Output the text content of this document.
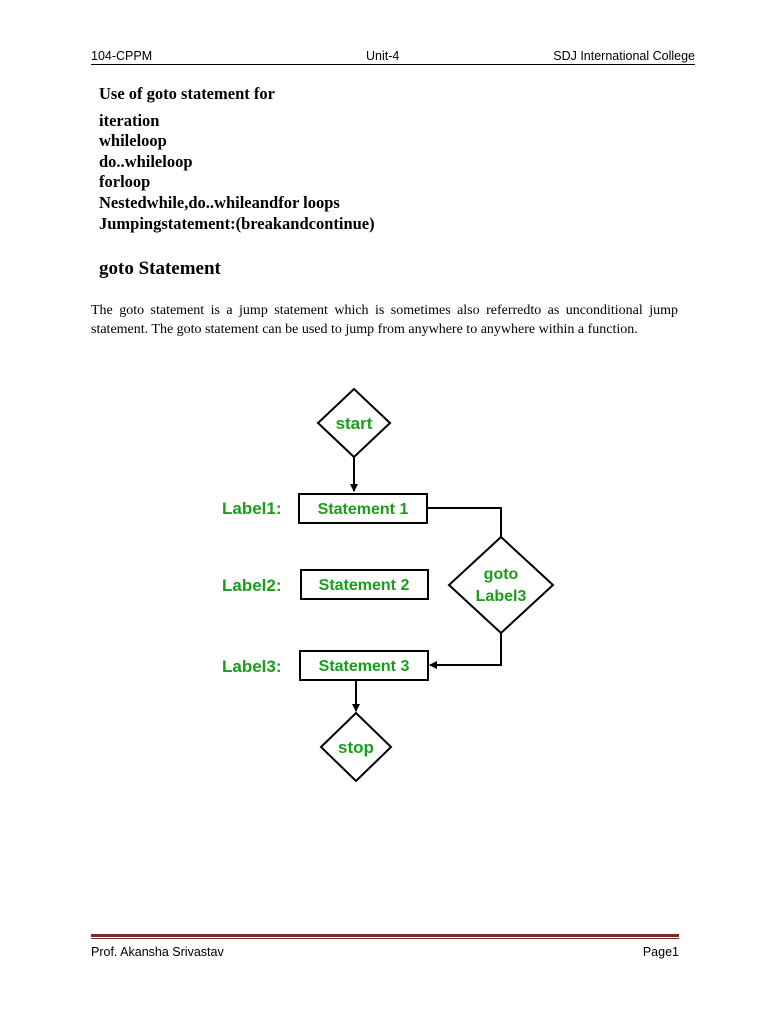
104-CPPM	Unit-4	SDJ International College
Use of goto statement for
iteration
whileloop
do..whileloop
forloop
Nestedwhile,do..whileandfor loops
Jumpingstatement:(breakandcontinue)
goto Statement
The goto statement is a jump statement which is sometimes also referredto as unconditional jump statement. The goto statement can be used to jump from anywhere to anywhere within a function.
start
Label1:
Label2:
Label3:
Statement 1
Statement 2
Statement 3
goto
Label3
stop
Prof. Akansha Srivastav	Page1
